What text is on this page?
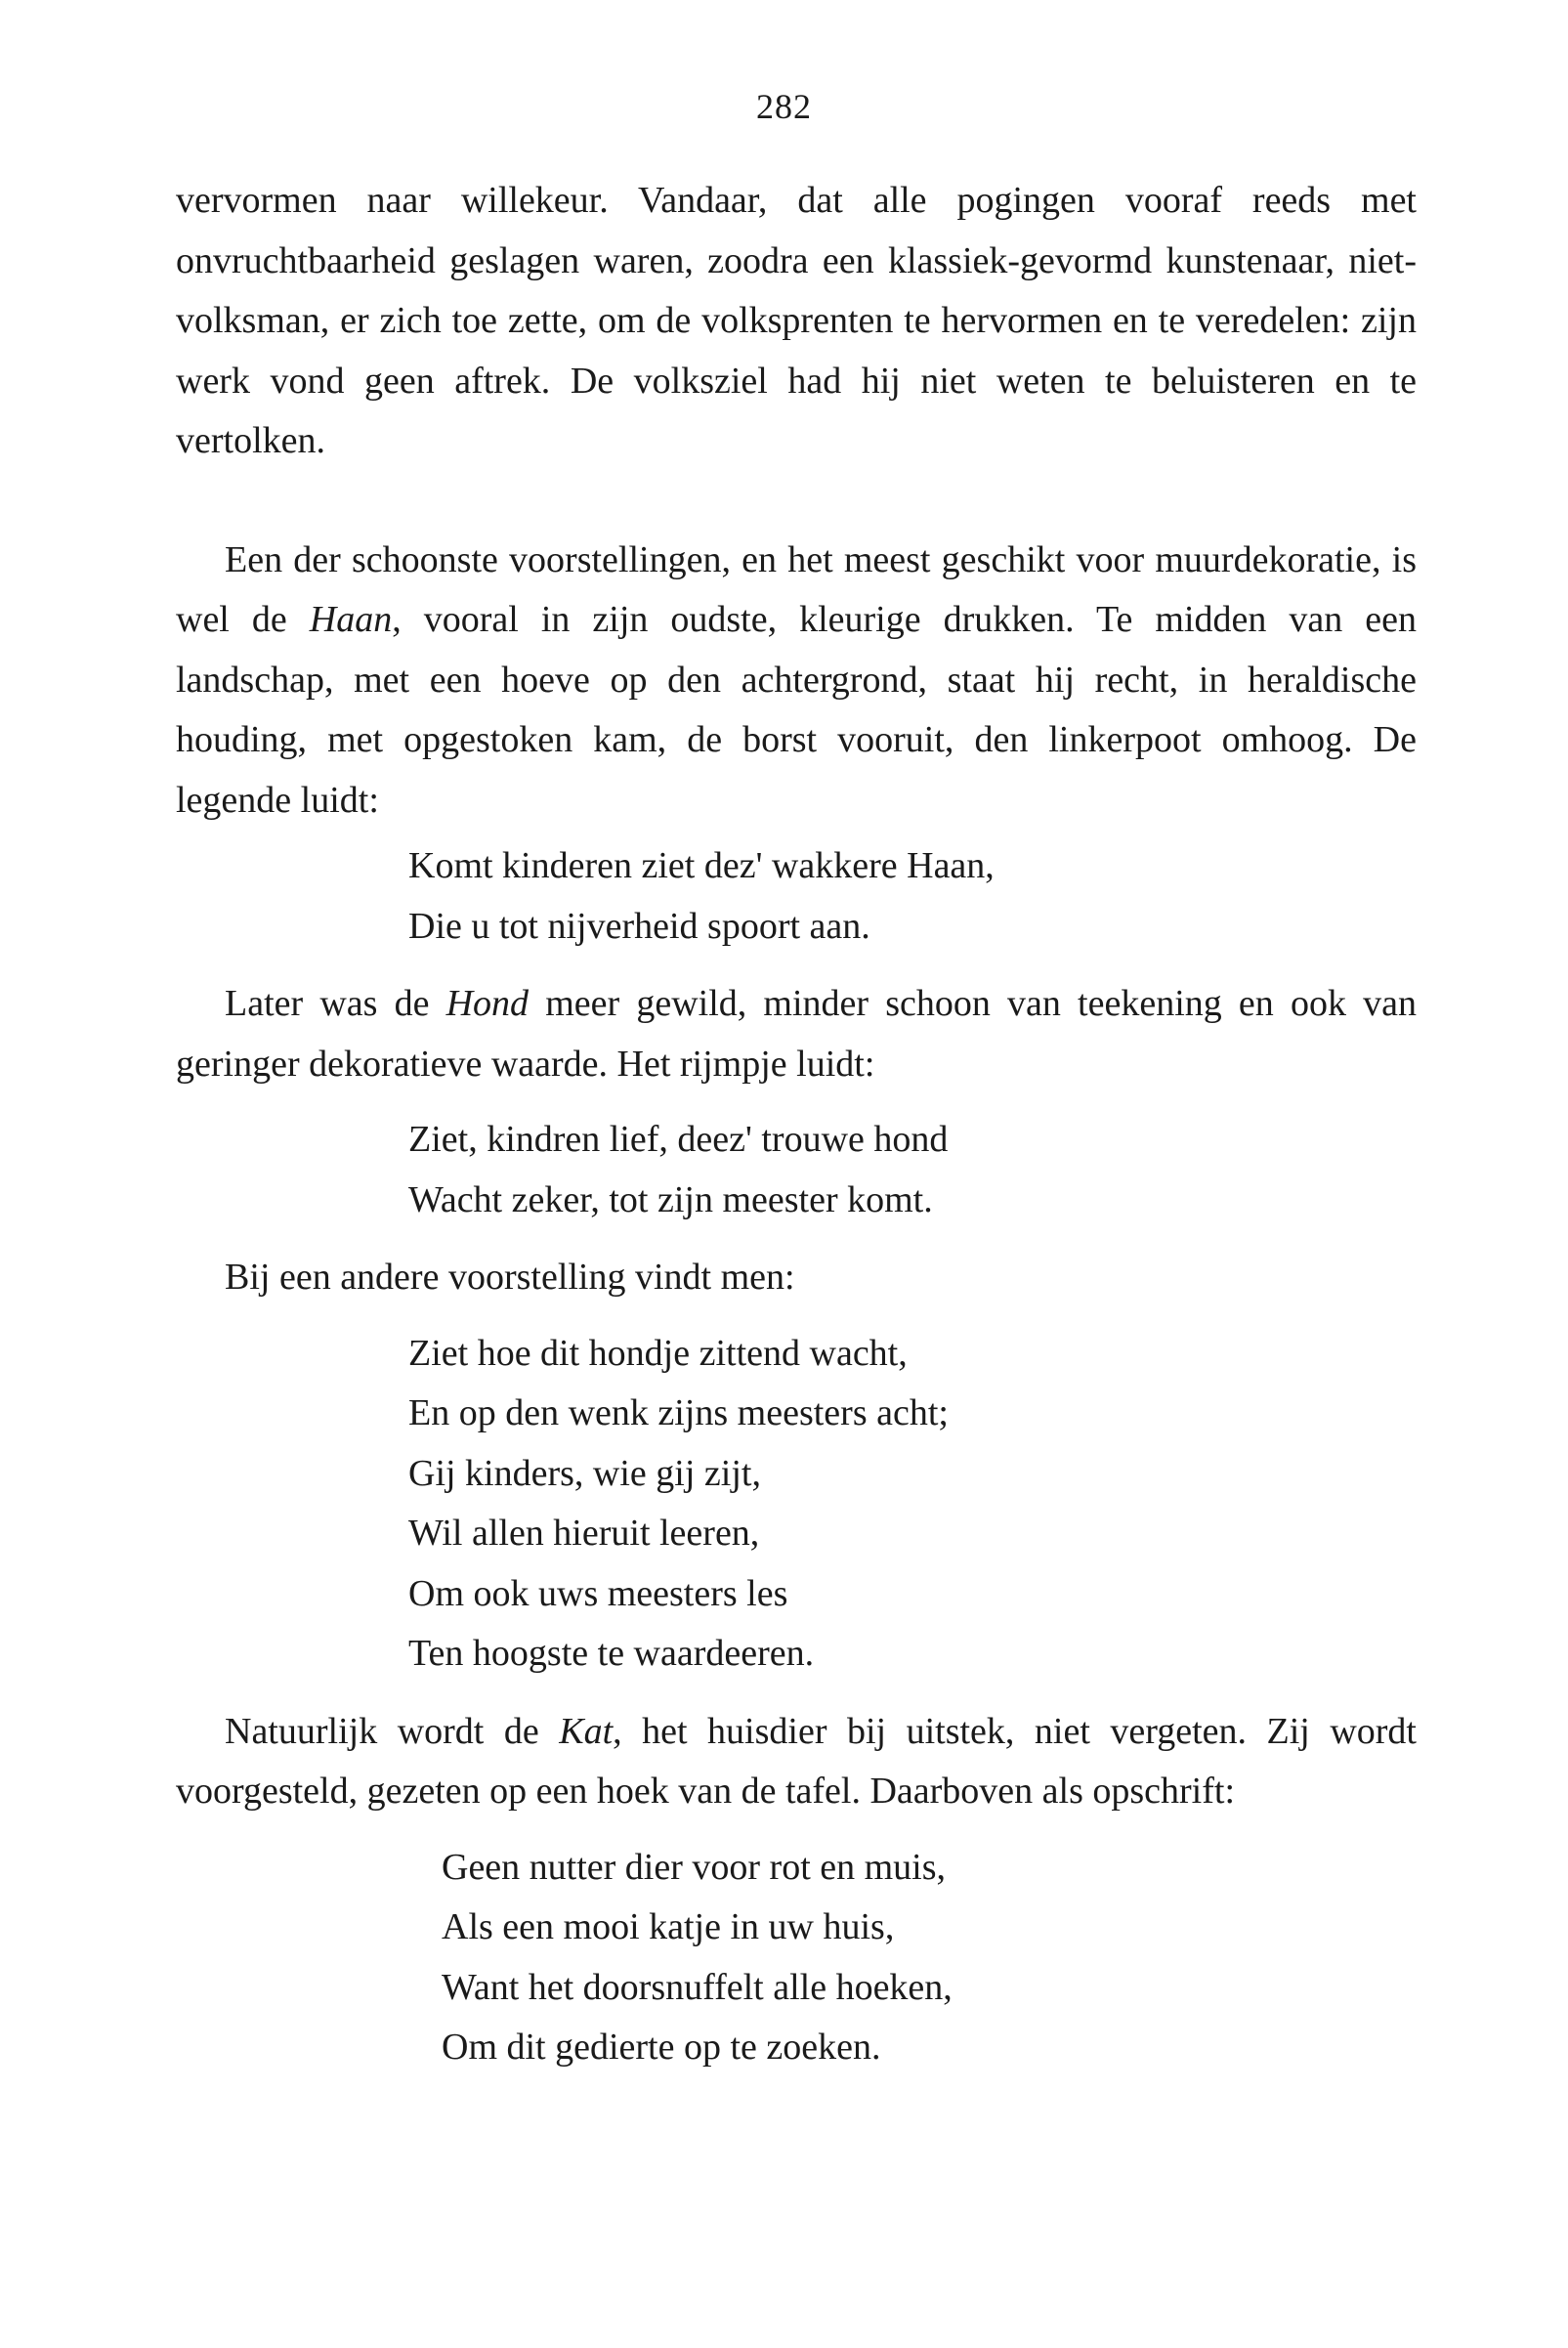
282

vervormen naar willekeur. Vandaar, dat alle pogingen vooraf reeds met onvruchtbaarheid geslagen waren, zoodra een klassiek-gevormd kunstenaar, niet-volksman, er zich toe zette, om de volksprenten te hervormen en te veredelen: zijn werk vond geen aftrek. De volksziel had hij niet weten te beluisteren en te vertolken.

Een der schoonste voorstellingen, en het meest geschikt voor muurdekoratie, is wel de Haan, vooral in zijn oudste, kleurige drukken. Te midden van een landschap, met een hoeve op den achtergrond, staat hij recht, in heraldische houding, met opgestoken kam, de borst vooruit, den linkerpoot omhoog. De legende luidt:

Komt kinderen ziet dez' wakkere Haan,
Die u tot nijverheid spoort aan.

Later was de Hond meer gewild, minder schoon van teekening en ook van geringer dekoratieve waarde. Het rijmpje luidt:

Ziet, kindren lief, deez' trouwe hond
Wacht zeker, tot zijn meester komt.

Bij een andere voorstelling vindt men:

Ziet hoe dit hondje zittend wacht,
En op den wenk zijns meesters acht;
Gij kinders, wie gij zijt,
Wil allen hieruit leeren,
Om ook uws meesters les
Ten hoogste te waardeeren.

Natuurlijk wordt de Kat, het huisdier bij uitstek, niet vergeten. Zij wordt voorgesteld, gezeten op een hoek van de tafel. Daarboven als opschrift:

Geen nutter dier voor rot en muis,
Als een mooi katje in uw huis,
Want het doorsnuffelt alle hoeken,
Om dit gedierte op te zoeken.
